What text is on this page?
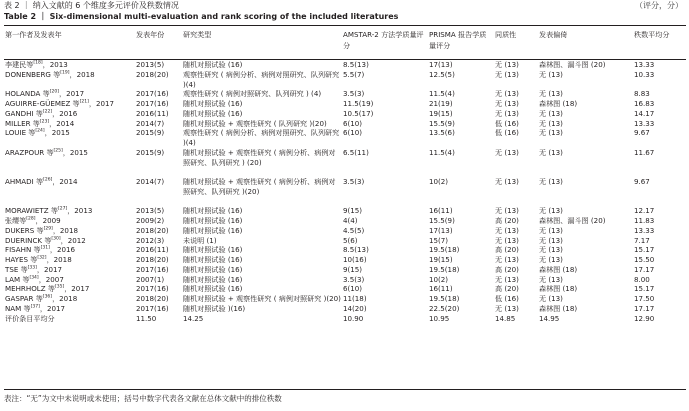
表 2 ｜ 纳入文献的 6 个维度多元评价及秩数情况
Table 2 ｜ Six-dimensional multi-evaluation and rank scoring of the included literatures
（评分，分）
第一作者及发表年	发表年份	研究类型	AMSTAR-2 方法学质量评分	PRISMA 报告学质量评分	同质性	发表偏倚	秩数平均分
李建民等[18]，2013	2013(5)	随机对照试验 (16)	8.5(13)	17(13)	无 (13)	森林图、漏斗图 (20)	13.33
DONENBERG 等[19]，2018	2018(20)	观察性研究 ( 病例分析、病例对照研究、队列研究 )(4)	5.5(7)	12.5(5)	无 (13)	无 (13)	10.33
HOLANDA 等[20]，2017	2017(16)	观察性研究 ( 病例对照研究、队列研究 ) (4)	3.5(3)	11.5(4)	无 (13)	无 (13)	8.83
AGUIRRE-GÜEMEZ 等[21]，2017	2017(16)	随机对照试验 (16)	11.5(19)	21(19)	无 (13)	森林图 (18)	16.83
GANDHI 等[22]，2016	2016(11)	随机对照试验 (16)	10.5(17)	19(15)	无 (13)	无 (13)	14.17
MILLER 等[23]，2014	2014(7)	随机对照试验 + 观察性研究 ( 队列研究 )(20)	6(10)	15.5(9)	低 (16)	无 (13)	13.33
LOUIE 等[24]，2015	2015(9)	观察性研究 ( 病例分析、病例对照研究、队列研究 )(4)	6(10)	13.5(6)	低 (16)	无 (13)	9.67
ARAZPOUR 等[25]，2015	2015(9)	随机对照试验 + 观察性研究 ( 病例分析、病例对照研究、队列研究 ) (20)	6.5(11)	11.5(4)	无 (13)	无 (13)	11.67
AHMADI 等[26]，2014	2014(7)	随机对照试验 + 观察性研究 ( 病例分析、病例对照研究、队列研究 )(20)	3.5(3)	10(2)	无 (13)	无 (13)	9.67
MORAWIETZ 等[27]，2013	2013(5)	随机对照试验 (16)	9(15)	16(11)	无 (13)	无 (13)	12.17
张缨等[28]，2009	2009(2)	随机对照试验 (16)	4(4)	15.5(9)	高 (20)	森林图、漏斗图 (20)	11.83
DUKERS 等[29]，2018	2018(20)	随机对照试验 (16)	4.5(5)	17(13)	无 (13)	无 (13)	13.33
DUERINCK 等[30]，2012	2012(3)	未说明 (1)	5(6)	15(7)	无 (13)	无 (13)	7.17
FISAHN 等[31]，2016	2016(11)	随机对照试验 (16)	8.5(13)	19.5(18)	高 (20)	无 (13)	15.17
HAYES 等[32]，2018	2018(20)	随机对照试验 (16)	10(16)	19(15)	无 (13)	无 (13)	15.50
TSE 等[33]，2017	2017(16)	随机对照试验 (16)	9(15)	19.5(18)	高 (20)	森林图 (18)	17.17
LAM 等[34]，2007	2007(1)	随机对照试验 (16)	3.5(3)	10(2)	无 (13)	无 (13)	8.00
MEHRHOLZ 等[35]，2017	2017(16)	随机对照试验 (16)	6(10)	16(11)	高 (20)	森林图 (18)	15.17
GASPAR 等[36]，2018	2018(20)	随机对照试验 + 观察性研究 ( 病例对照研究 )(20)	11(18)	19.5(18)	低 (16)	无 (13)	17.50
NAM 等[37]，2017	2017(16)	随机对照试验 )(16)	14(20)	22.5(20)	无 (13)	森林图 (18)	17.17
评价条目平均分	11.50	14.25	10.90	10.95	14.85	14.95	12.90
表注：“无”为文中未说明或未使用；括号中数字代表各文献在总体文献中的排位秩数
